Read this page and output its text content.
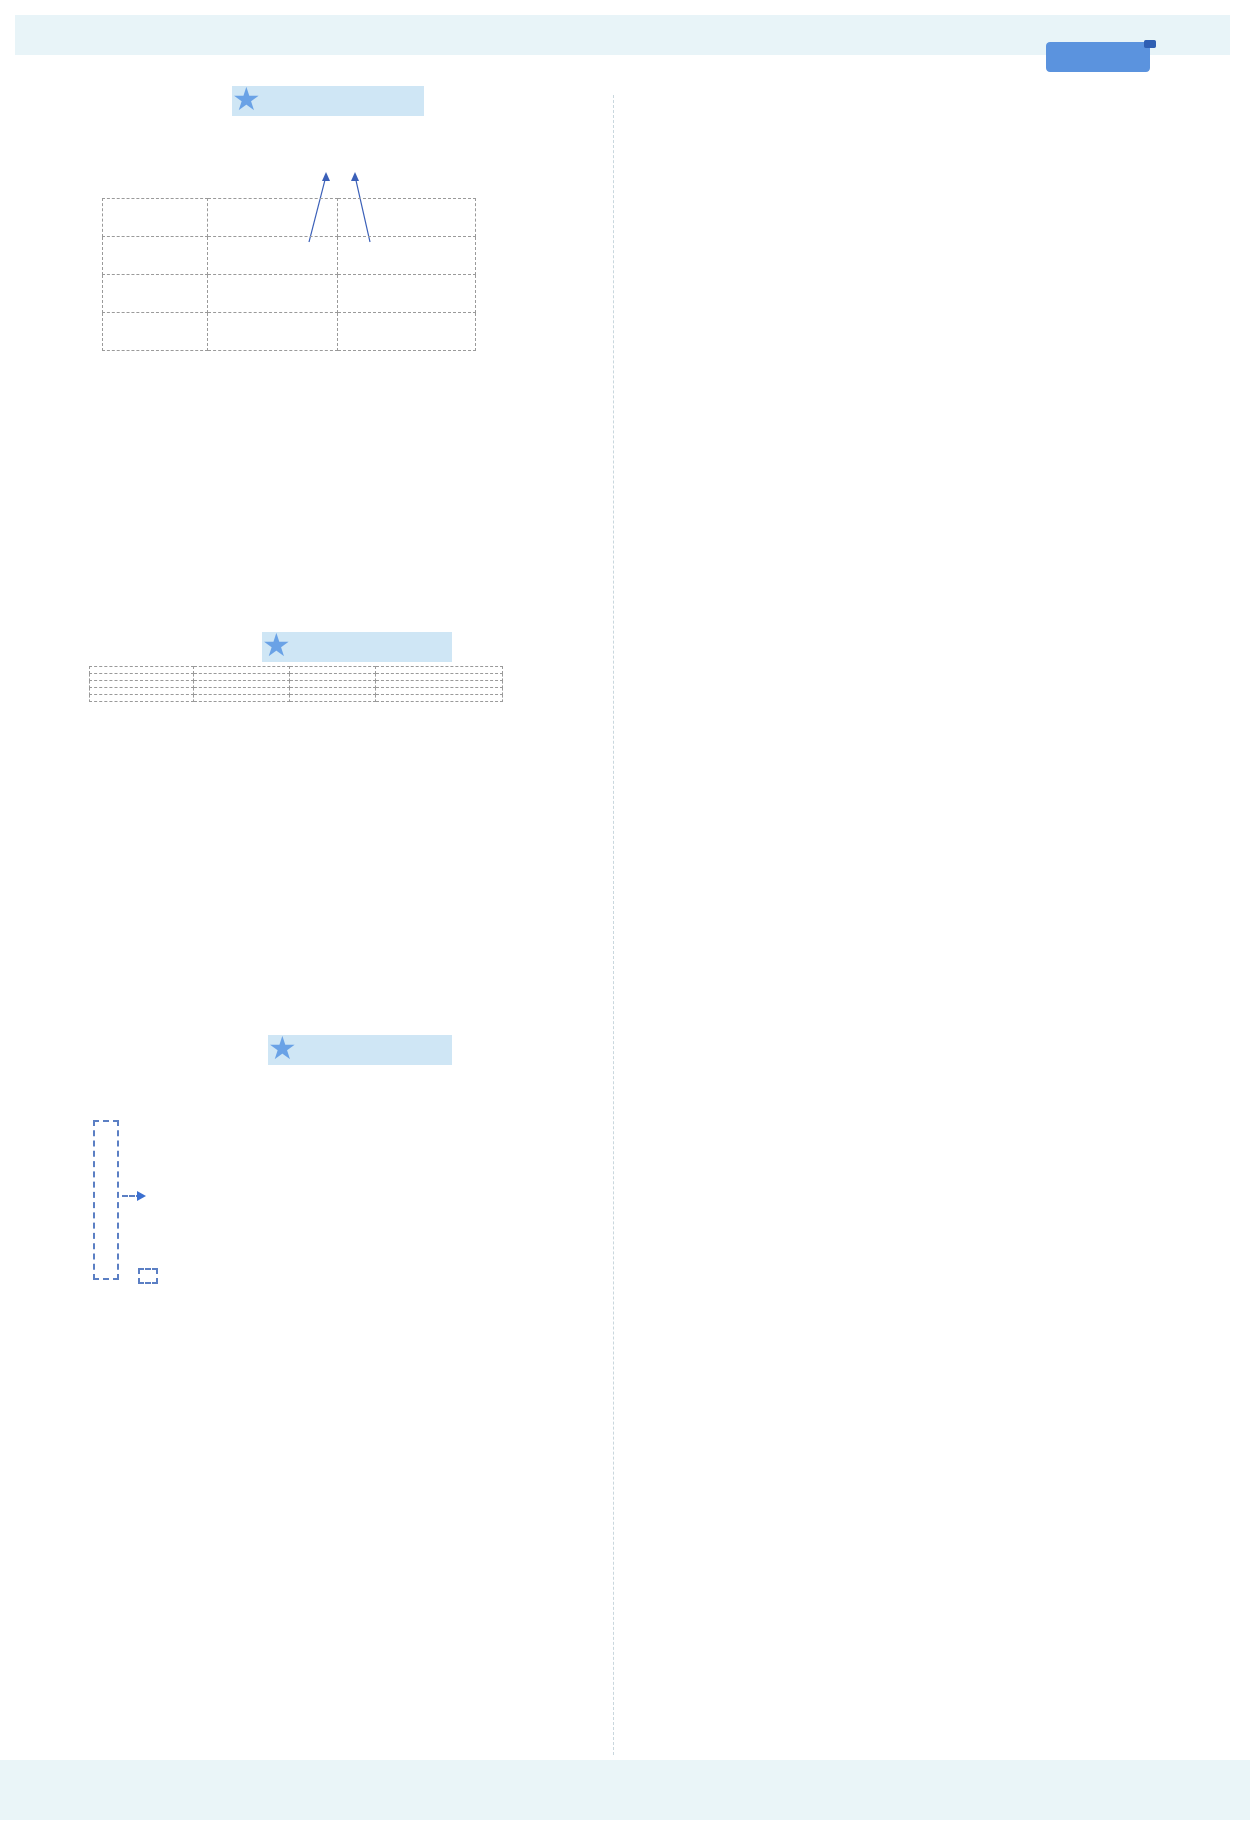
★

★

★
